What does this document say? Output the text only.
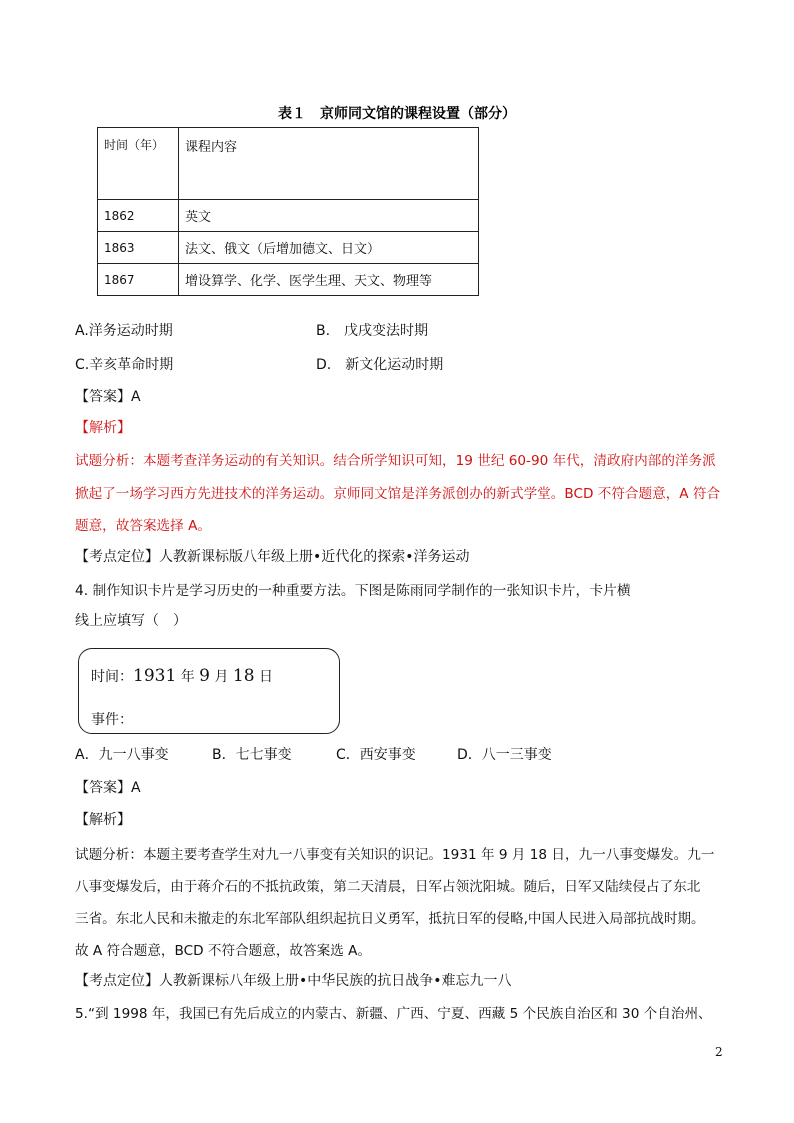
表１　京师同文馆的课程设置（部分）
时间（年）	课程内容
1862	英文
1863	法文、俄文（后增加德文、日文）
1867	增设算学、化学、医学生理、天文、物理等
A.洋务运动时期	B.　戊戌变法时期
C.辛亥革命时期	D.　新文化运动时期
【答案】A
【解析】
试题分析：本题考查洋务运动的有关知识。结合所学知识可知，19 世纪 60-90 年代，清政府内部的洋务派
掀起了一场学习西方先进技术的洋务运动。京师同文馆是洋务派创办的新式学堂。BCD 不符合题意，A 符合
题意，故答案选择 A。
【考点定位】人教新课标版八年级上册•近代化的探索•洋务运动
4. 制作知识卡片是学习历史的一种重要方法。下图是陈雨同学制作的一张知识卡片，卡片横
线上应填写（　）
时间：1931 年 9 月 18 日
事件：
A．九一八事变	B．七七事变	C．西安事变	D．八一三事变
【答案】A
【解析】
试题分析：本题主要考查学生对九一八事变有关知识的识记。1931 年 9 月 18 日，九一八事变爆发。九一
八事变爆发后，由于蒋介石的不抵抗政策，第二天清晨，日军占领沈阳城。随后，日军又陆续侵占了东北
三省。东北人民和未撤走的东北军部队组织起抗日义勇军，抵抗日军的侵略,中国人民进入局部抗战时期。
故 A 符合题意，BCD 不符合题意，故答案选 A。
【考点定位】人教新课标八年级上册•中华民族的抗日战争•难忘九一八
5.“到 1998 年，我国已有先后成立的内蒙古、新疆、广西、宁夏、西藏 5 个民族自治区和 30 个自治州、
2
